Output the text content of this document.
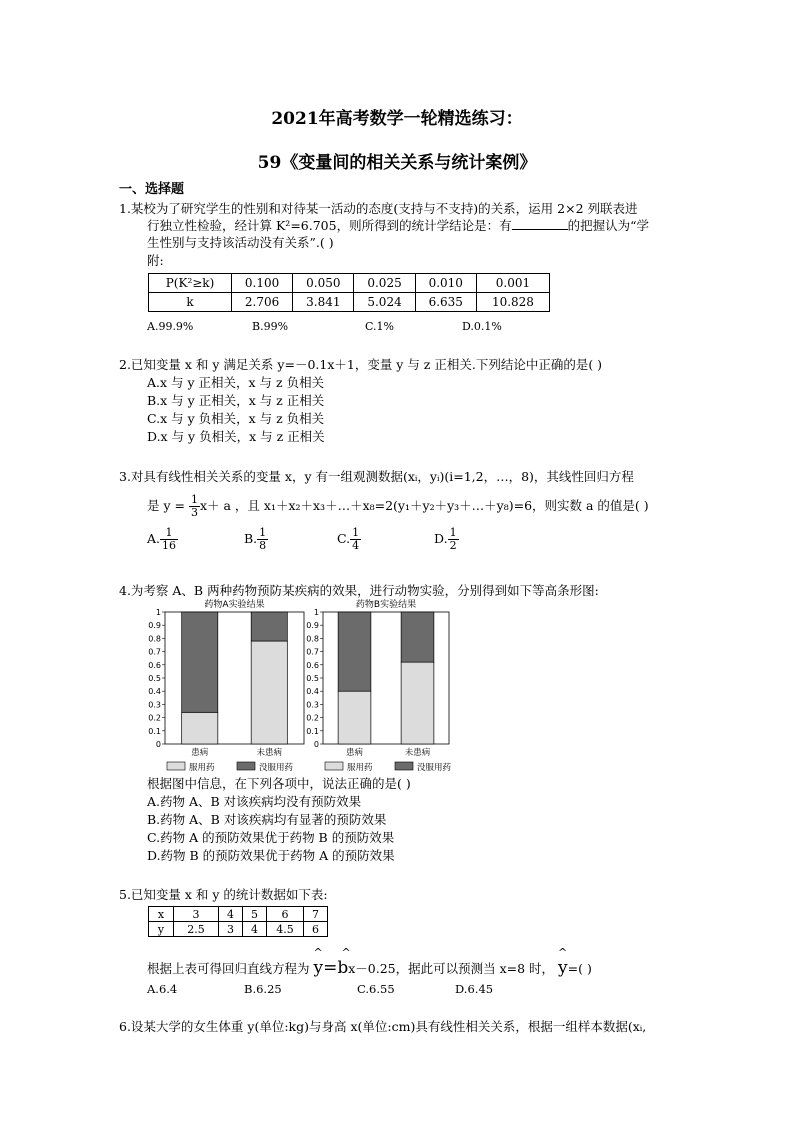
2021年高考数学一轮精选练习：
59《变量间的相关关系与统计案例》
一、选择题
1.某校为了研究学生的性别和对待某一活动的态度(支持与不支持)的关系，运用 2×2 列联表进
行独立性检验，经计算 K²=6.705，则所得到的统计学结论是：有	的把握认为“学
生性别与支持该活动没有关系”.( )
附:
P(K²≥k)	0.100	0.050	0.025	0.010	0.001
k	2.706	3.841	5.024	6.635	10.828
A.99.9%	B.99%	C.1%	D.0.1%
2.已知变量 x 和 y 满足关系 y=－0.1x＋1，变量 y 与 z 正相关.下列结论中正确的是( )
A.x 与 y 正相关，x 与 z 负相关
B.x 与 y 正相关，x 与 z 正相关
C.x 与 y 负相关，x 与 z 负相关
D.x 与 y 负相关，x 与 z 正相关
3.对具有线性相关关系的变量 x，y 有一组观测数据(xᵢ，yᵢ)(i=1,2，…，8)，其线性回归方程
是 $y = \frac{1}{3} x+ a$ ，且 x₁＋x₂＋x₃＋…＋x₈=2(y₁＋y₂＋y₃＋…＋y₈)=6，则实数 a 的值是( )
A. $\frac{1}{16}$	B. $\frac{1}{8}$	C. $\frac{1}{4}$	D. $\frac{1}{2}$
4.为考察 A、B 两种药物预防某疾病的效果，进行动物实验，分别得到如下等高条形图:
药物A实验结果
0
0.1
0.2
0.3
0.4
0.5
0.6
0.7
0.8
0.9
1
患病	未患病
服用药	没服用药
药物B实验结果
0
0.1
0.2
0.3
0.4
0.5
0.6
0.7
0.8
0.9
1
患病	未患病
服用药	没服用药
根据图中信息，在下列各项中，说法正确的是( )
A.药物 A、B 对该疾病均没有预防效果
B.药物 A、B 对该疾病均有显著的预防效果
C.药物 A 的预防效果优于药物 B 的预防效果
D.药物 B 的预防效果优于药物 A 的预防效果
5.已知变量 x 和 y 的统计数据如下表:
x	3	4	5	6	7
y	2.5	3	4	4.5	6
根据上表可得回归直线方程为
^ ^
y=bx－0.25，据此可以预测当 x=8 时，
^
y=( )
A.6.4	B.6.25	C.6.55	D.6.45
6.设某大学的女生体重 y(单位:kg)与身高 x(单位:cm)具有线性相关关系，根据一组样本数据(xᵢ,
